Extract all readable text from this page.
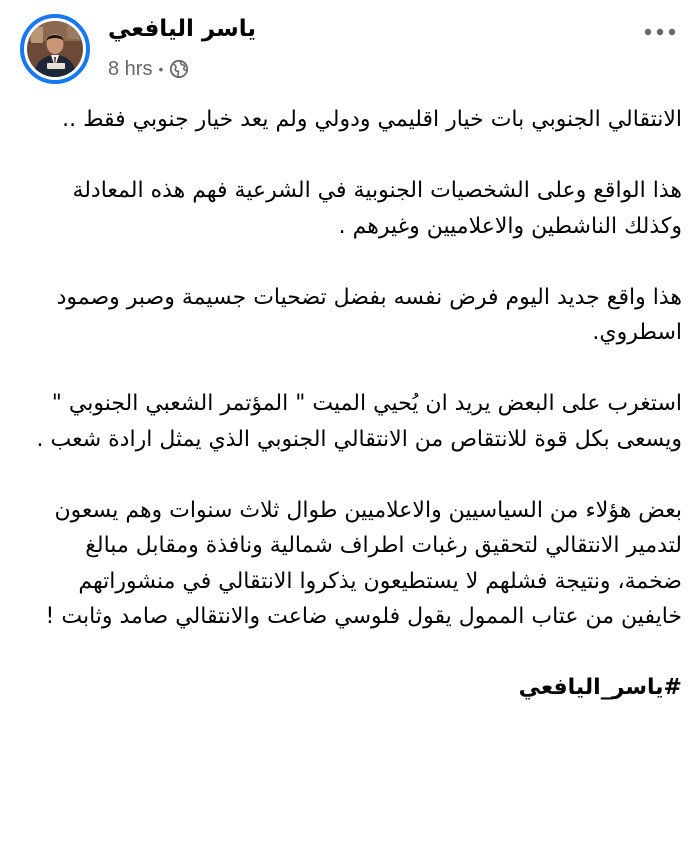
ياسر اليافعي
8 hrs •

الانتقالي الجنوبي بات خيار اقليمي ودولي ولم يعد خيار جنوبي فقط ..

هذا الواقع وعلى الشخصيات الجنوبية في الشرعية فهم هذه المعادلة وكذلك الناشطين والاعلاميين وغيرهم .

هذا واقع جديد اليوم فرض نفسه بفضل تضحيات جسيمة وصبر وصمود اسطروي.

استغرب على البعض يريد ان يُحيي الميت " المؤتمر الشعبي الجنوبي " ويسعى بكل قوة للانتقاص من الانتقالي الجنوبي الذي يمثل ارادة شعب .

بعض هؤلاء من السياسيين والاعلاميين طوال ثلاث سنوات وهم يسعون لتدمير الانتقالي لتحقيق رغبات اطراف شمالية ونافذة ومقابل مبالغ ضخمة، ونتيجة فشلهم لا يستطيعون يذكروا الانتقالي في منشوراتهم خايفين من عتاب الممول يقول فلوسي ضاعت والانتقالي صامد وثابت !

#ياسر_اليافعي
